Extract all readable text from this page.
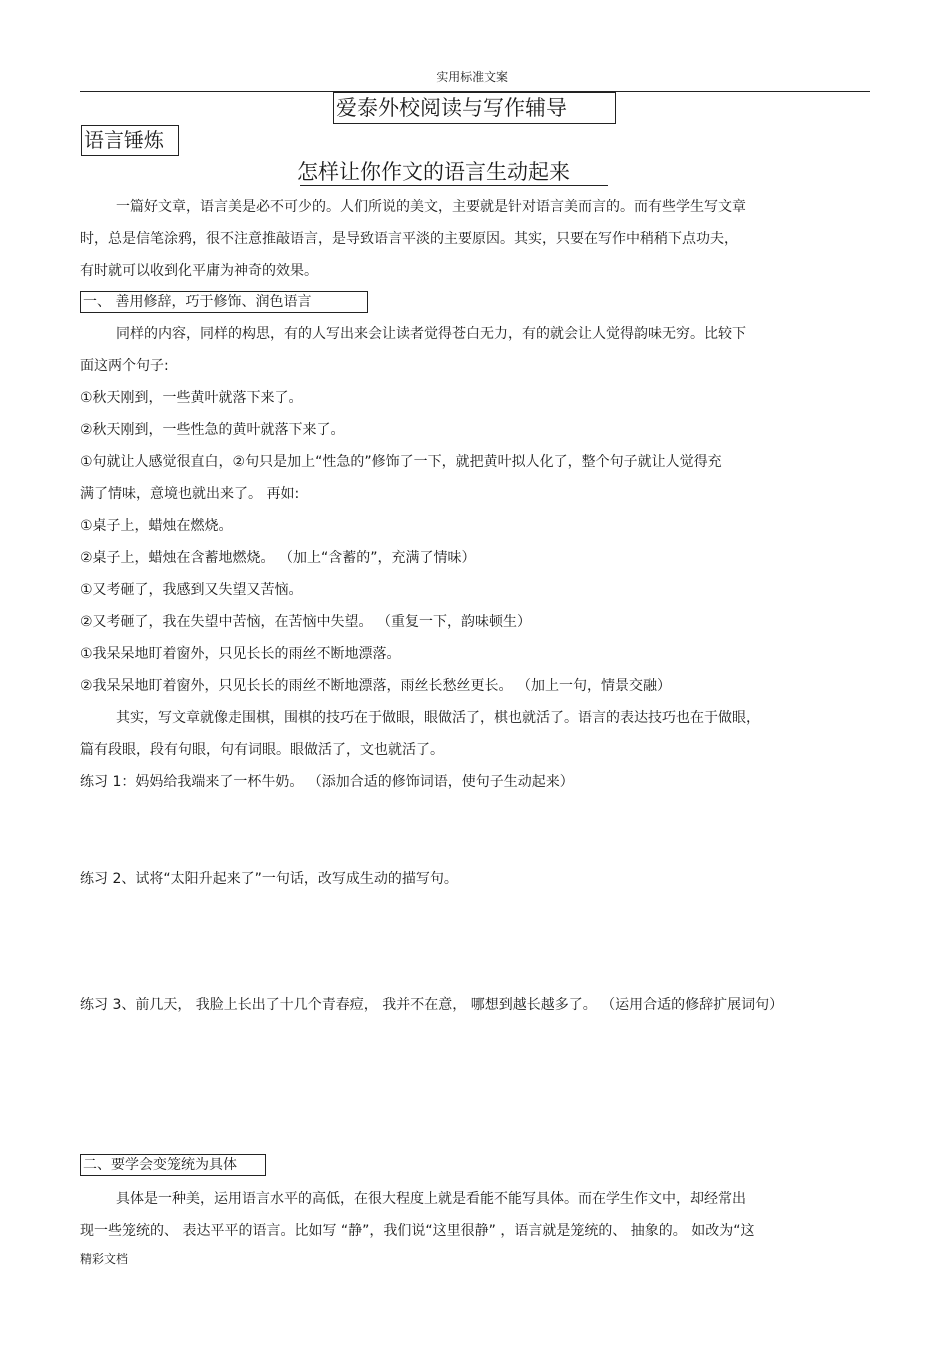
实用标准文案
爱泰外校阅读与写作辅导
语言锤炼
怎样让你作文的语言生动起来
一篇好文章，语言美是必不可少的。人们所说的美文，主要就是针对语言美而言的。而有些学生写文章
时，总是信笔涂鸦，很不注意推敲语言，是导致语言平淡的主要原因。其实，只要在写作中稍稍下点功夫，
有时就可以收到化平庸为神奇的效果。
一、 善用修辞，巧于修饰、润色语言
同样的内容，同样的构思，有的人写出来会让读者觉得苍白无力，有的就会让人觉得韵味无穷。比较下
面这两个句子:
①秋天刚到，一些黄叶就落下来了。
②秋天刚到，一些性急的黄叶就落下来了。
①句就让人感觉很直白，②句只是加上“性急的”修饰了一下，就把黄叶拟人化了，整个句子就让人觉得充
满了情味，意境也就出来了。 再如:
①桌子上，蜡烛在燃烧。
②桌子上，蜡烛在含蓄地燃烧。 （加上“含蓄的”，充满了情味）
①又考砸了，我感到又失望又苦恼。
②又考砸了，我在失望中苦恼，在苦恼中失望。 （重复一下，韵味顿生）
①我呆呆地盯着窗外，只见长长的雨丝不断地漂落。
②我呆呆地盯着窗外，只见长长的雨丝不断地漂落，雨丝长愁丝更长。 （加上一句，情景交融）
其实，写文章就像走围棋，围棋的技巧在于做眼，眼做活了，棋也就活了。语言的表达技巧也在于做眼，
篇有段眼，段有句眼，句有词眼。眼做活了，文也就活了。
练习 1：妈妈给我端来了一杯牛奶。 （添加合适的修饰词语，使句子生动起来）
练习 2、试将“太阳升起来了”一句话，改写成生动的描写句。
练习 3、前几天， 我脸上长出了十几个青春痘， 我并不在意， 哪想到越长越多了。 （运用合适的修辞扩展词句）
二、要学会变笼统为具体
具体是一种美，运用语言水平的高低，在很大程度上就是看能不能写具体。而在学生作文中，却经常出
现一些笼统的、 表达平平的语言。比如写 “静”，我们说“这里很静” ，语言就是笼统的、 抽象的。 如改为“这
精彩文档
